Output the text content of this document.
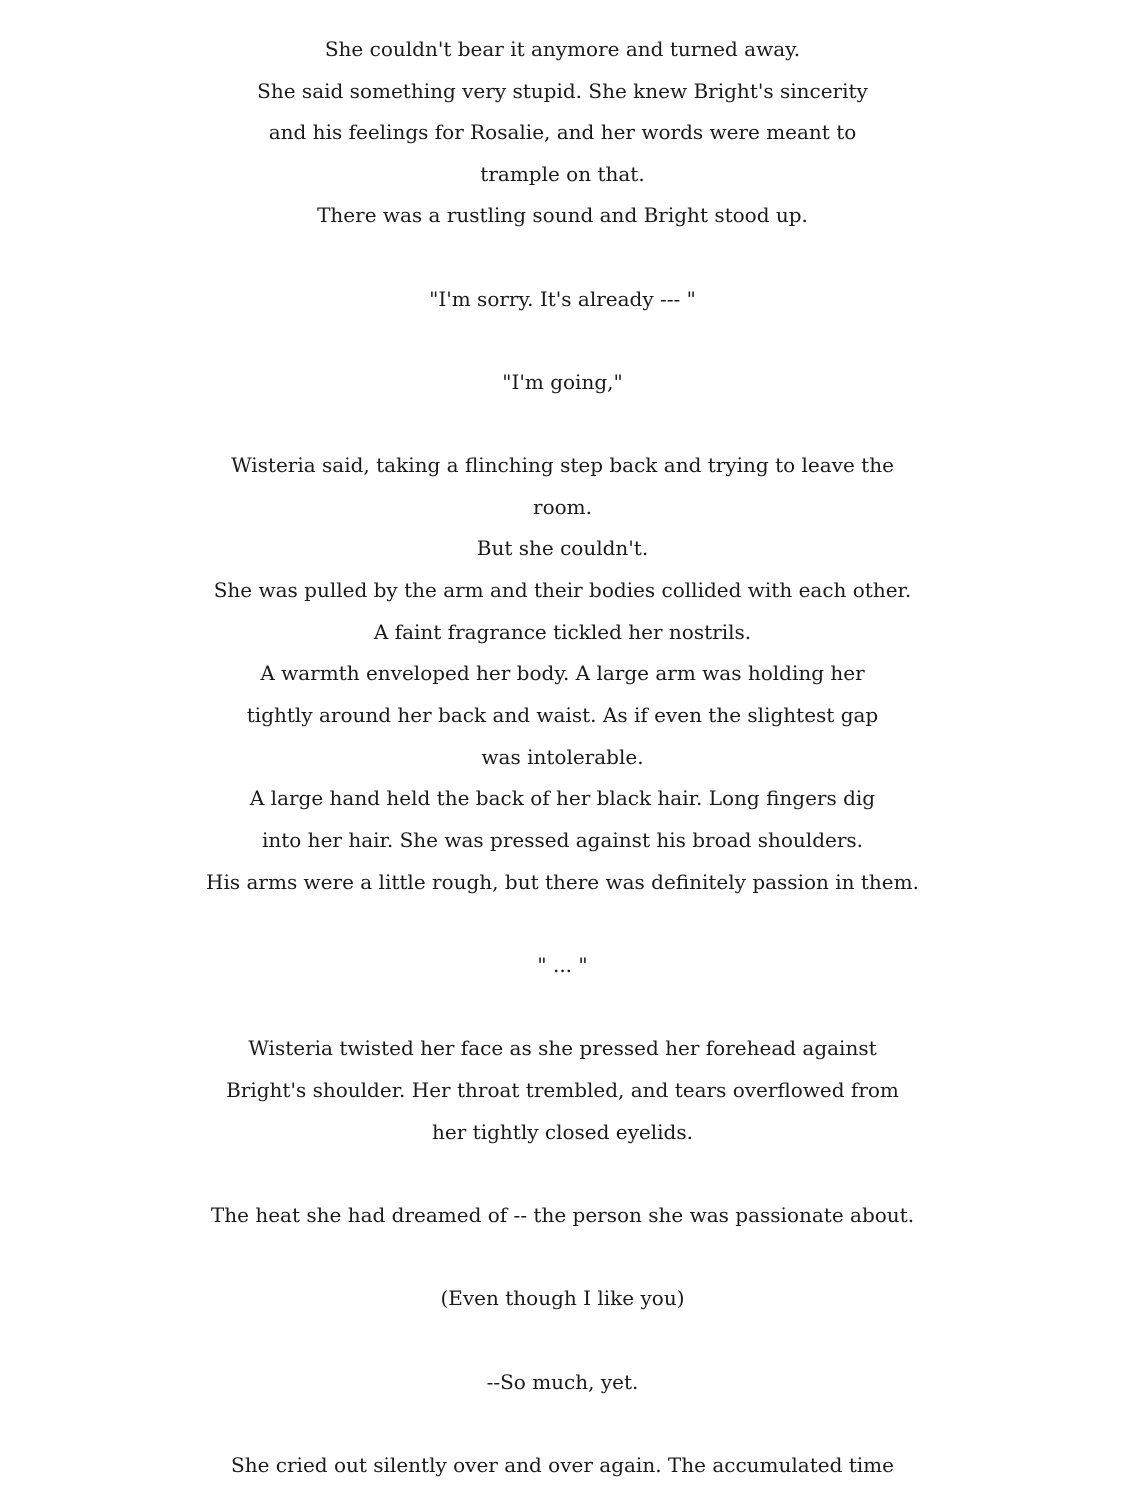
She couldn't bear it anymore and turned away.
She said something very stupid. She knew Bright's sincerity
and his feelings for Rosalie, and her words were meant to
trample on that.
There was a rustling sound and Bright stood up.
"I'm sorry. It's already --- "
"I'm going,"
Wisteria said, taking a flinching step back and trying to leave the
room.
But she couldn't.
She was pulled by the arm and their bodies collided with each other.
A faint fragrance tickled her nostrils.
A warmth enveloped her body. A large arm was holding her
tightly around her back and waist. As if even the slightest gap
was intolerable.
A large hand held the back of her black hair. Long fingers dig
into her hair. She was pressed against his broad shoulders.
His arms were a little rough, but there was definitely passion in them.
" ... "
Wisteria twisted her face as she pressed her forehead against
Bright's shoulder. Her throat trembled, and tears overflowed from
her tightly closed eyelids.
The heat she had dreamed of -- the person she was passionate about.
(Even though I like you)
--So much, yet.
She cried out silently over and over again. The accumulated time
